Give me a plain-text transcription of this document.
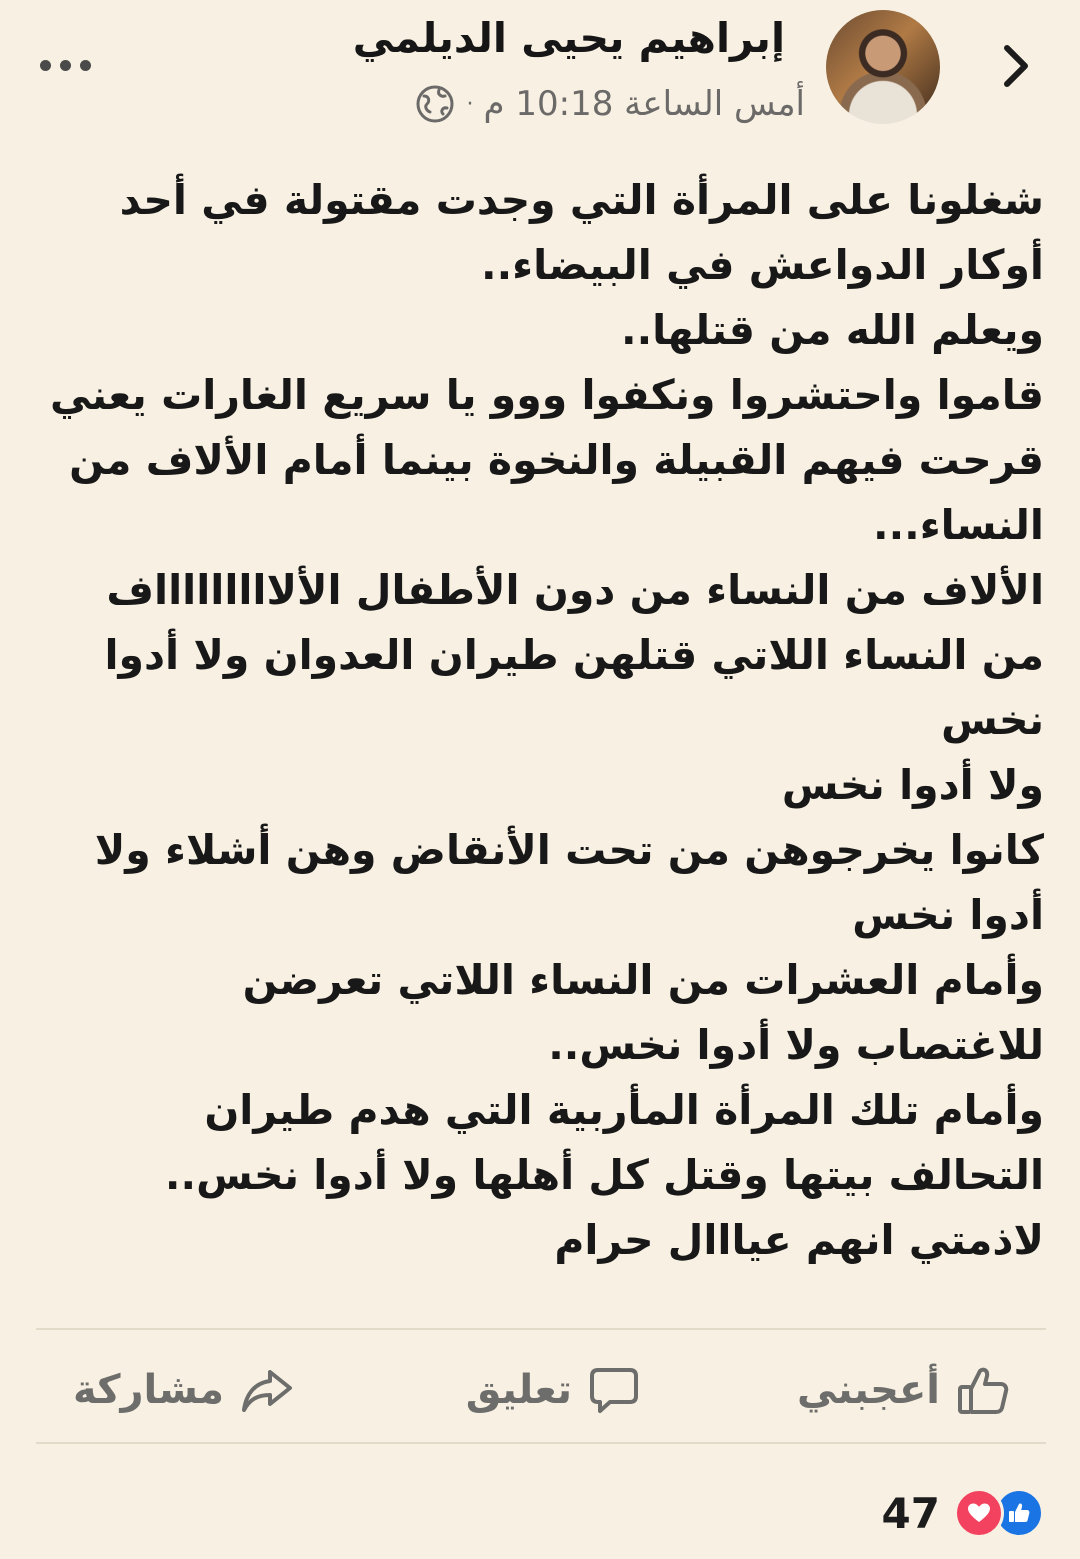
إبراهيم يحيى الديلمي
أمس الساعة 10:18 م
·

شغلونا على المرأة التي وجدت مقتولة في أحد

أوكار الدواعش في البيضاء..

ويعلم الله من قتلها..

قاموا واحتشروا ونكفوا ووو يا سريع الغارات يعني

قرحت فيهم القبيلة والنخوة بينما أمام الألاف من

النساء...

الألاف من النساء من دون الأطفال الألاااااااااف

من النساء اللاتي قتلهن طيران العدوان ولا أدوا

نخس

ولا أدوا نخس

كانوا يخرجوهن من تحت الأنقاض وهن أشلاء ولا

أدوا نخس

وأمام العشرات من النساء اللاتي تعرضن

للاغتصاب ولا أدوا نخس..

وأمام تلك المرأة المأربية التي هدم طيران

التحالف بيتها وقتل كل أهلها ولا أدوا نخس..

لاذمتي انهم عيااال حرام

أعجبني
تعليق
مشاركة
47
